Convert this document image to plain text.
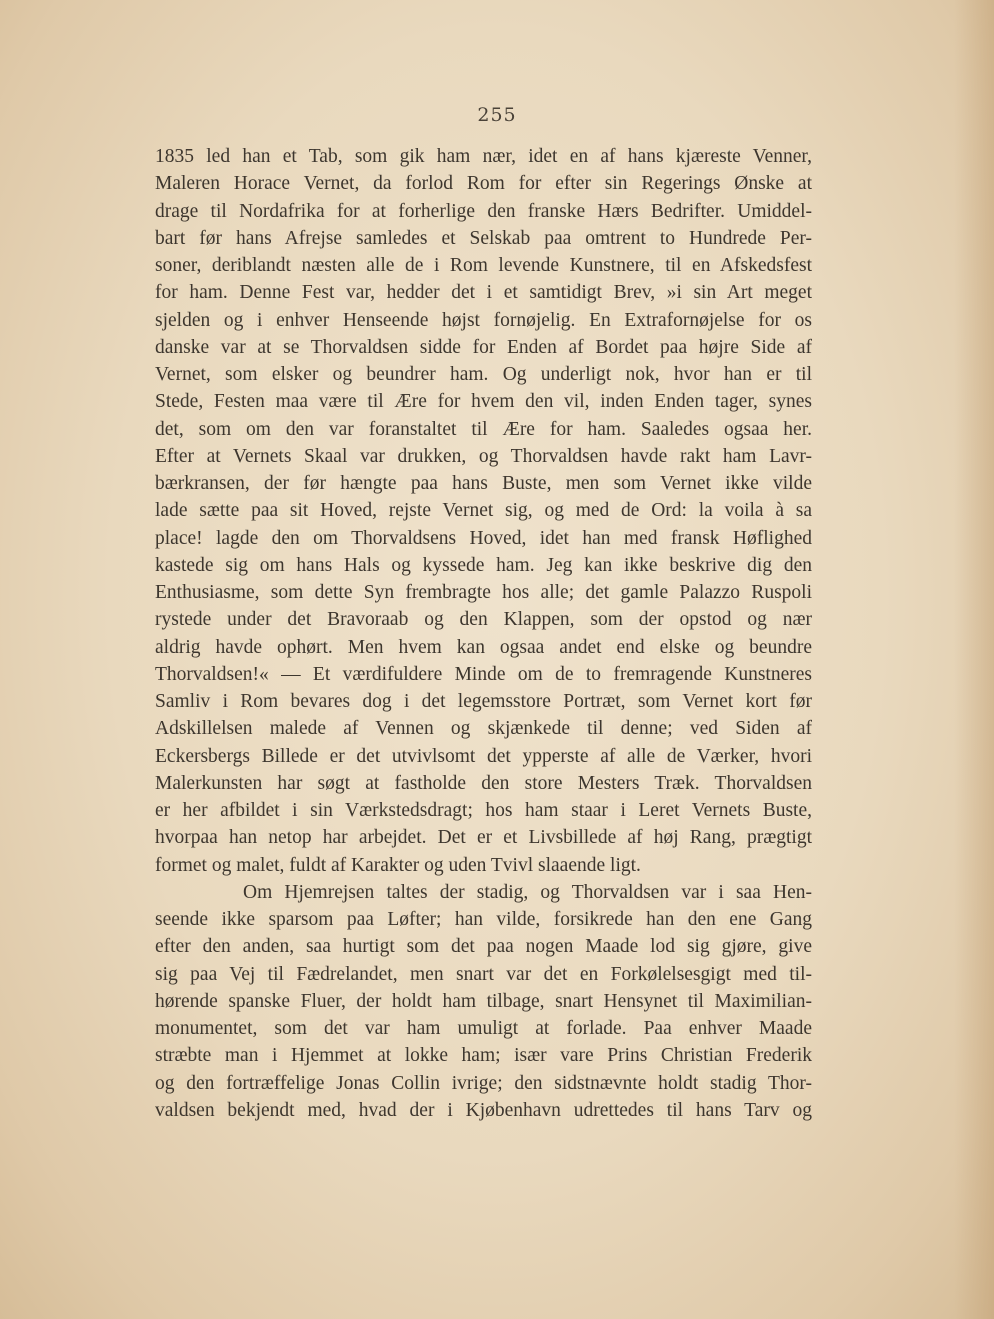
255
1835 led han et Tab, som gik ham nær, idet en af hans kjæreste Venner,
Maleren Horace Vernet, da forlod Rom for efter sin Regerings Ønske at
drage til Nordafrika for at forherlige den franske Hærs Bedrifter. Umiddel-
bart før hans Afrejse samledes et Selskab paa omtrent to Hundrede Per-
soner, deriblandt næsten alle de i Rom levende Kunstnere, til en Afskedsfest
for ham. Denne Fest var, hedder det i et samtidigt Brev, »i sin Art meget
sjelden og i enhver Henseende højst fornøjelig. En Extrafornøjelse for os
danske var at se Thorvaldsen sidde for Enden af Bordet paa højre Side af
Vernet, som elsker og beundrer ham. Og underligt nok, hvor han er til
Stede, Festen maa være til Ære for hvem den vil, inden Enden tager, synes
det, som om den var foranstaltet til Ære for ham. Saaledes ogsaa her.
Efter at Vernets Skaal var drukken, og Thorvaldsen havde rakt ham Lavr-
bærkransen, der før hængte paa hans Buste, men som Vernet ikke vilde
lade sætte paa sit Hoved, rejste Vernet sig, og med de Ord: la voila à sa
place! lagde den om Thorvaldsens Hoved, idet han med fransk Høflighed
kastede sig om hans Hals og kyssede ham. Jeg kan ikke beskrive dig den
Enthusiasme, som dette Syn frembragte hos alle; det gamle Palazzo Ruspoli
rystede under det Bravoraab og den Klappen, som der opstod og nær
aldrig havde ophørt. Men hvem kan ogsaa andet end elske og beundre
Thorvaldsen!« — Et værdifuldere Minde om de to fremragende Kunstneres
Samliv i Rom bevares dog i det legemsstore Portræt, som Vernet kort før
Adskillelsen malede af Vennen og skjænkede til denne; ved Siden af
Eckersbergs Billede er det utvivlsomt det ypperste af alle de Værker, hvori
Malerkunsten har søgt at fastholde den store Mesters Træk. Thorvaldsen
er her afbildet i sin Værkstedsdragt; hos ham staar i Leret Vernets Buste,
hvorpaa han netop har arbejdet. Det er et Livsbillede af høj Rang, prægtigt
formet og malet, fuldt af Karakter og uden Tvivl slaaende ligt.
Om Hjemrejsen taltes der stadig, og Thorvaldsen var i saa Hen-
seende ikke sparsom paa Løfter; han vilde, forsikrede han den ene Gang
efter den anden, saa hurtigt som det paa nogen Maade lod sig gjøre, give
sig paa Vej til Fædrelandet, men snart var det en Forkølelsesgigt med til-
hørende spanske Fluer, der holdt ham tilbage, snart Hensynet til Maximilian-
monumentet, som det var ham umuligt at forlade. Paa enhver Maade
stræbte man i Hjemmet at lokke ham; især vare Prins Christian Frederik
og den fortræffelige Jonas Collin ivrige; den sidstnævnte holdt stadig Thor-
valdsen bekjendt med, hvad der i Kjøbenhavn udrettedes til hans Tarv og
